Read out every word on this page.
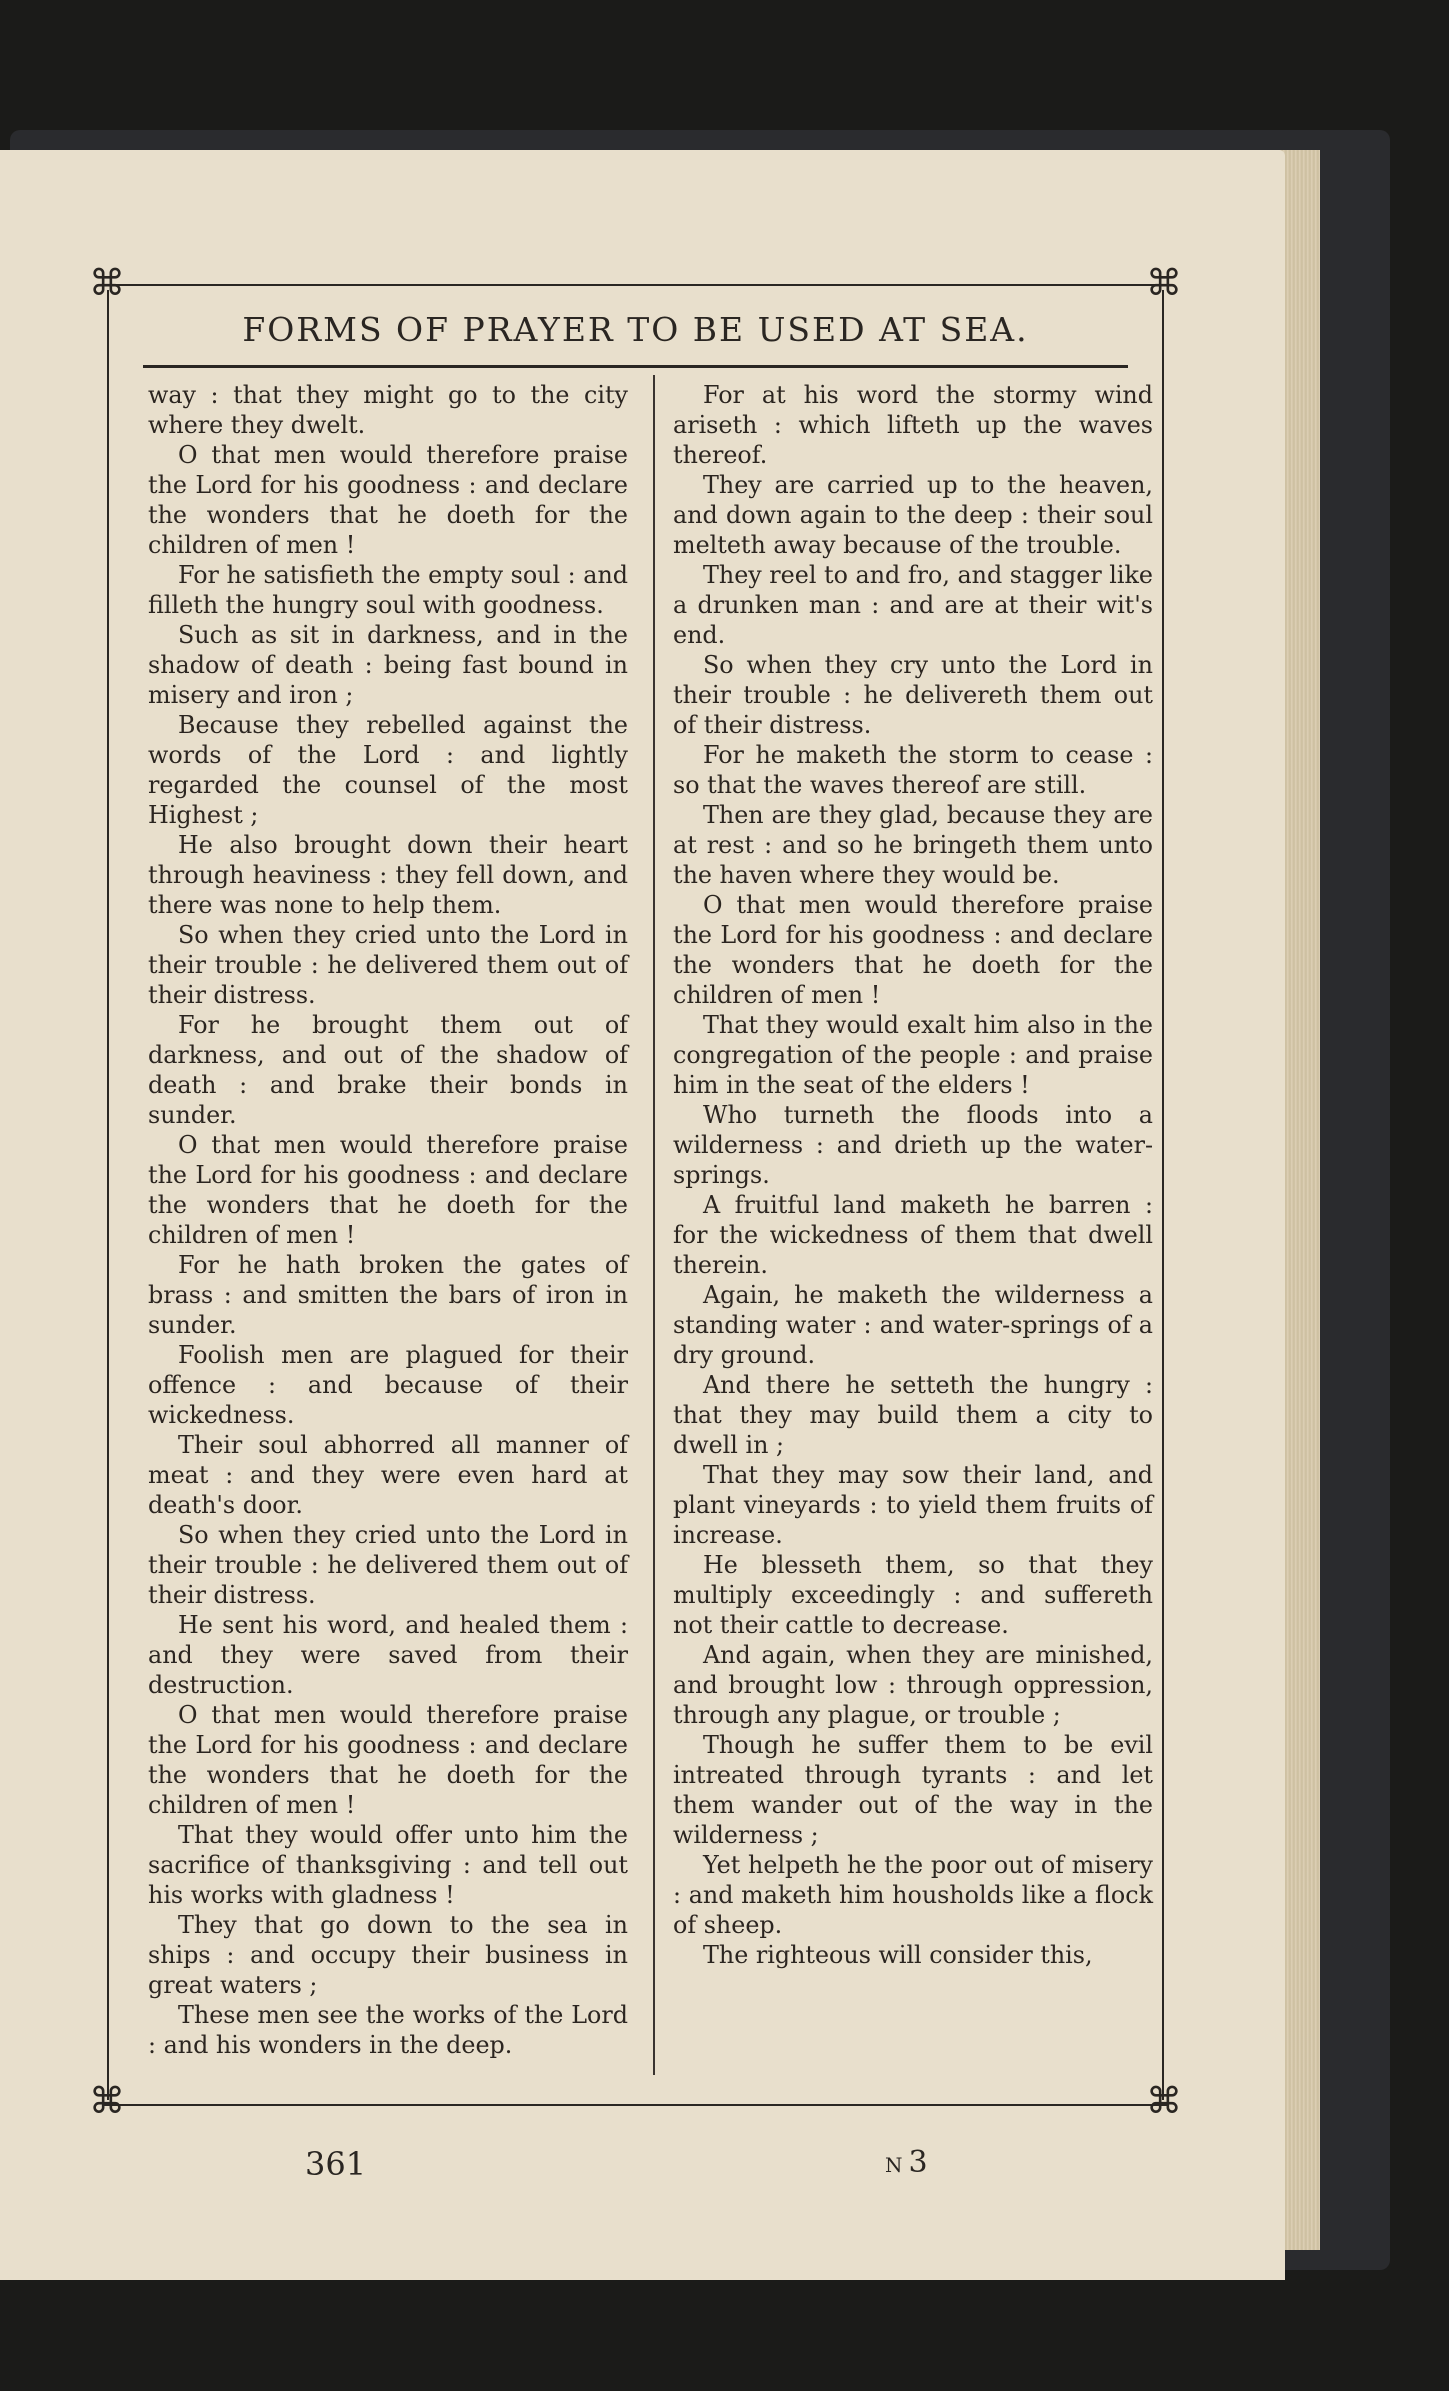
⌘	⌘
⌘	⌘
FORMS OF PRAYER TO BE USED AT SEA.

way : that they might go to the city where they dwelt.

O that men would therefore praise the Lord for his goodness : and declare the wonders that he doeth for the children of men !

For he satisfieth the empty soul : and filleth the hungry soul with goodness.

Such as sit in darkness, and in the shadow of death : being fast bound in misery and iron ;

Because they rebelled against the words of the Lord : and lightly regarded the counsel of the most Highest ;

He also brought down their heart through heaviness : they fell down, and there was none to help them.

So when they cried unto the Lord in their trouble : he delivered them out of their distress.

For he brought them out of darkness, and out of the shadow of death : and brake their bonds in sunder.

O that men would therefore praise the Lord for his goodness : and declare the wonders that he doeth for the children of men !

For he hath broken the gates of brass : and smitten the bars of iron in sunder.

Foolish men are plagued for their offence : and because of their wickedness.

Their soul abhorred all manner of meat : and they were even hard at death's door.

So when they cried unto the Lord in their trouble : he delivered them out of their distress.

He sent his word, and healed them : and they were saved from their destruction.

O that men would therefore praise the Lord for his goodness : and declare the wonders that he doeth for the children of men !

That they would offer unto him the sacrifice of thanksgiving : and tell out his works with gladness !

They that go down to the sea in ships : and occupy their business in great waters ;

These men see the works of the Lord : and his wonders in the deep.

For at his word the stormy wind ariseth : which lifteth up the waves thereof.

They are carried up to the heaven, and down again to the deep : their soul melteth away because of the trouble.

They reel to and fro, and stagger like a drunken man : and are at their wit's end.

So when they cry unto the Lord in their trouble : he delivereth them out of their distress.

For he maketh the storm to cease : so that the waves thereof are still.

Then are they glad, because they are at rest : and so he bringeth them unto the haven where they would be.

O that men would therefore praise the Lord for his goodness : and declare the wonders that he doeth for the children of men !

That they would exalt him also in the congregation of the people : and praise him in the seat of the elders !

Who turneth the floods into a wilderness : and drieth up the water-springs.

A fruitful land maketh he barren : for the wickedness of them that dwell therein.

Again, he maketh the wilderness a standing water : and water-springs of a dry ground.

And there he setteth the hungry : that they may build them a city to dwell in ;

That they may sow their land, and plant vineyards : to yield them fruits of increase.

He blesseth them, so that they multiply exceedingly : and suffereth not their cattle to decrease.

And again, when they are minished, and brought low : through oppression, through any plague, or trouble ;

Though he suffer them to be evil intreated through tyrants : and let them wander out of the way in the wilderness ;

Yet helpeth he the poor out of misery : and maketh him housholds like a flock of sheep.

The righteous will consider this,

361	N 3
